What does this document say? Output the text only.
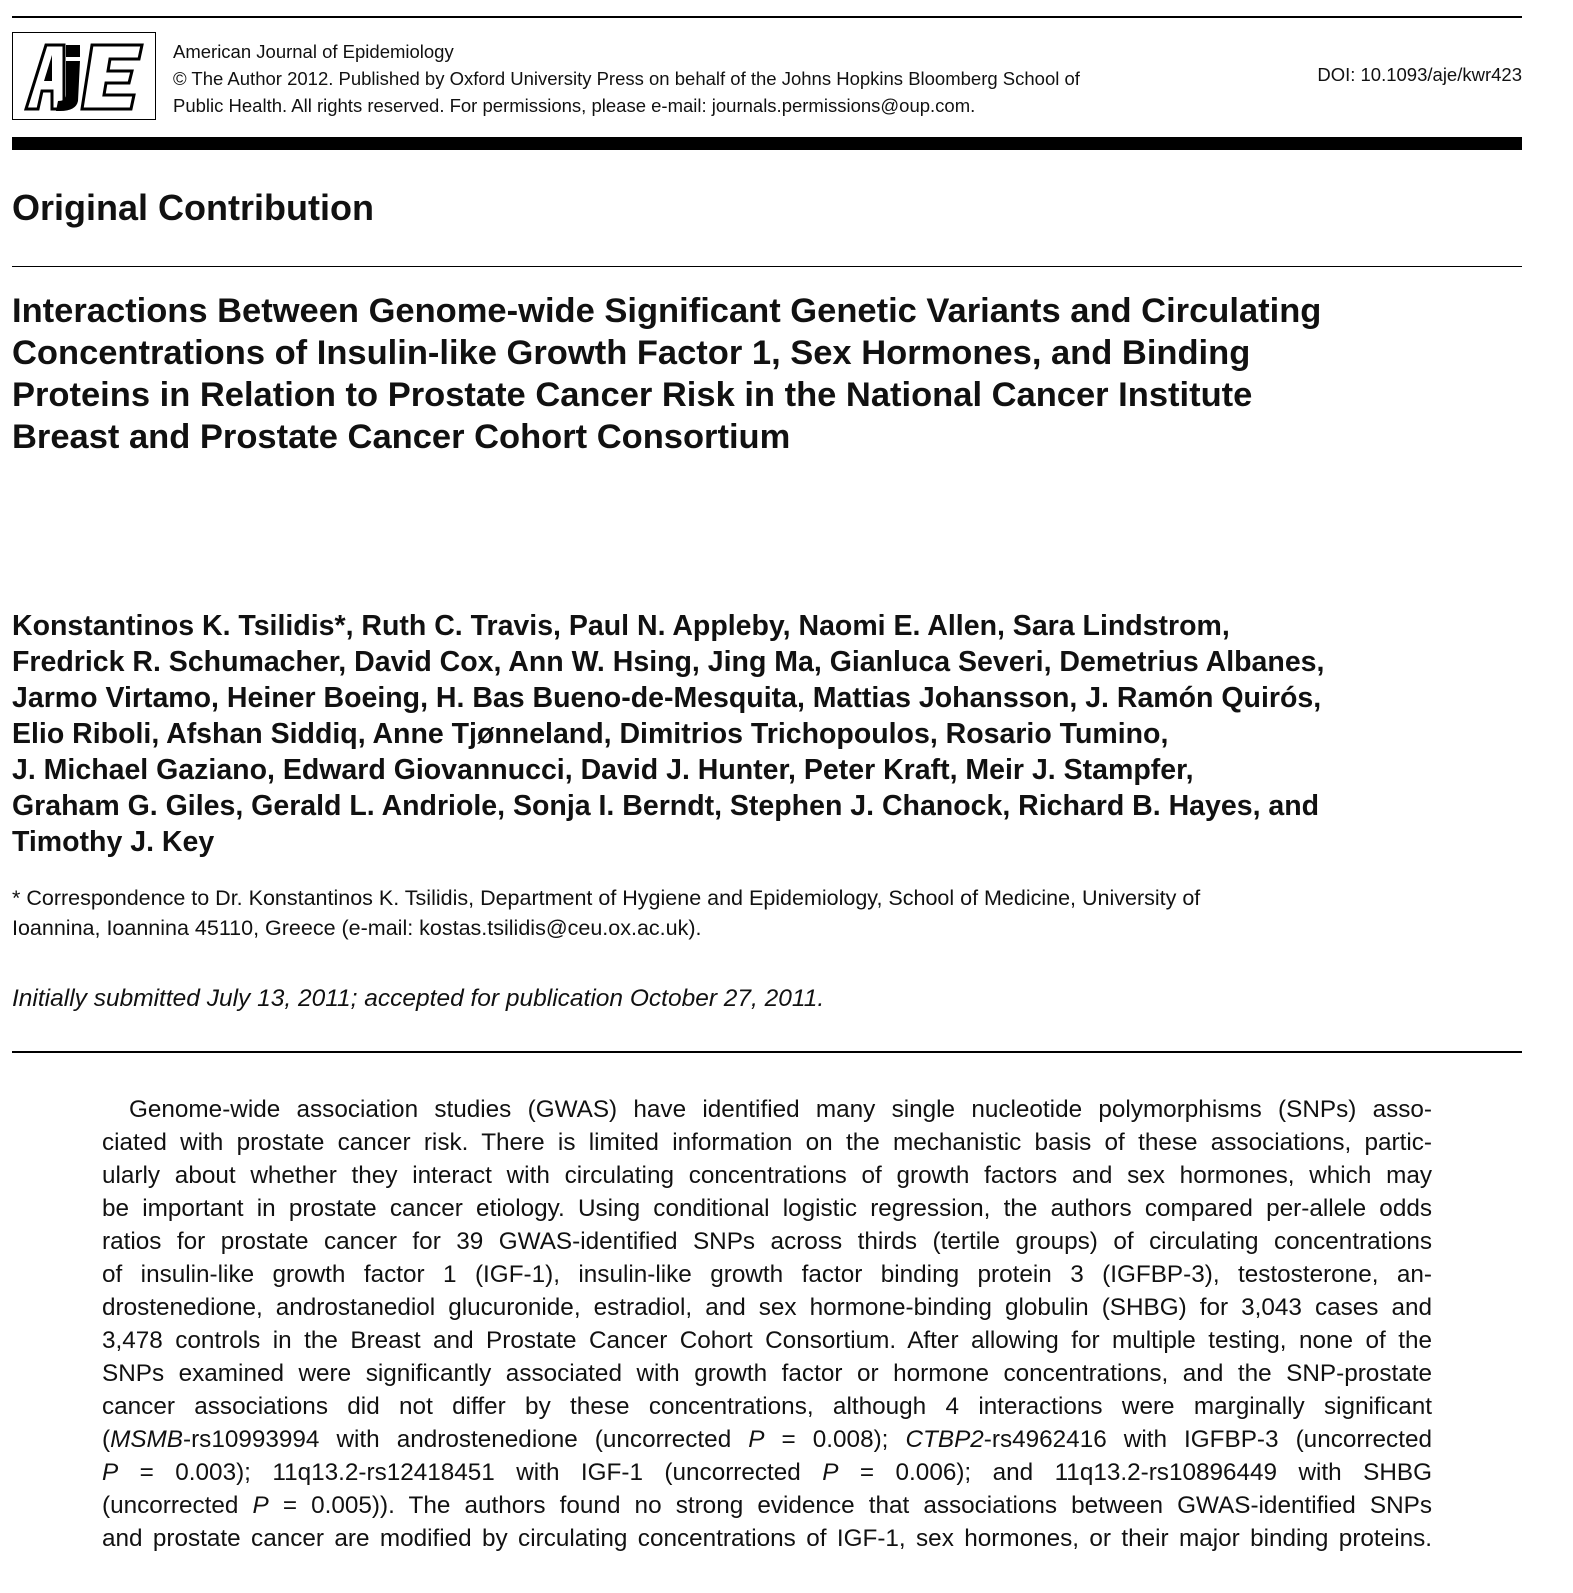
American Journal of Epidemiology
© The Author 2012. Published by Oxford University Press on behalf of the Johns Hopkins Bloomberg School of
Public Health. All rights reserved. For permissions, please e-mail: journals.permissions@oup.com.
DOI: 10.1093/aje/kwr423
Original Contribution
Interactions Between Genome-wide Significant Genetic Variants and Circulating
Concentrations of Insulin-like Growth Factor 1, Sex Hormones, and Binding
Proteins in Relation to Prostate Cancer Risk in the National Cancer Institute
Breast and Prostate Cancer Cohort Consortium
Konstantinos K. Tsilidis*, Ruth C. Travis, Paul N. Appleby, Naomi E. Allen, Sara Lindstrom,
Fredrick R. Schumacher, David Cox, Ann W. Hsing, Jing Ma, Gianluca Severi, Demetrius Albanes,
Jarmo Virtamo, Heiner Boeing, H. Bas Bueno-de-Mesquita, Mattias Johansson, J. Ramón Quirós,
Elio Riboli, Afshan Siddiq, Anne Tjønneland, Dimitrios Trichopoulos, Rosario Tumino,
J. Michael Gaziano, Edward Giovannucci, David J. Hunter, Peter Kraft, Meir J. Stampfer,
Graham G. Giles, Gerald L. Andriole, Sonja I. Berndt, Stephen J. Chanock, Richard B. Hayes, and
Timothy J. Key
* Correspondence to Dr. Konstantinos K. Tsilidis, Department of Hygiene and Epidemiology, School of Medicine, University of
Ioannina, Ioannina 45110, Greece (e-mail: kostas.tsilidis@ceu.ox.ac.uk).
Initially submitted July 13, 2011; accepted for publication October 27, 2011.
Genome-wide association studies (GWAS) have identified many single nucleotide polymorphisms (SNPs) asso-
ciated with prostate cancer risk. There is limited information on the mechanistic basis of these associations, partic-
ularly about whether they interact with circulating concentrations of growth factors and sex hormones, which may
be important in prostate cancer etiology. Using conditional logistic regression, the authors compared per-allele odds
ratios for prostate cancer for 39 GWAS-identified SNPs across thirds (tertile groups) of circulating concentrations
of insulin-like growth factor 1 (IGF-1), insulin-like growth factor binding protein 3 (IGFBP-3), testosterone, an-
drostenedione, androstanediol glucuronide, estradiol, and sex hormone-binding globulin (SHBG) for 3,043 cases and
3,478 controls in the Breast and Prostate Cancer Cohort Consortium. After allowing for multiple testing, none of the
SNPs examined were significantly associated with growth factor or hormone concentrations, and the SNP-prostate
cancer associations did not differ by these concentrations, although 4 interactions were marginally significant
(MSMB-rs10993994 with androstenedione (uncorrected P = 0.008); CTBP2-rs4962416 with IGFBP-3 (uncorrected
P = 0.003); 11q13.2-rs12418451 with IGF-1 (uncorrected P = 0.006); and 11q13.2-rs10896449 with SHBG
(uncorrected P = 0.005)). The authors found no strong evidence that associations between GWAS-identified SNPs
and prostate cancer are modified by circulating concentrations of IGF-1, sex hormones, or their major binding proteins.
